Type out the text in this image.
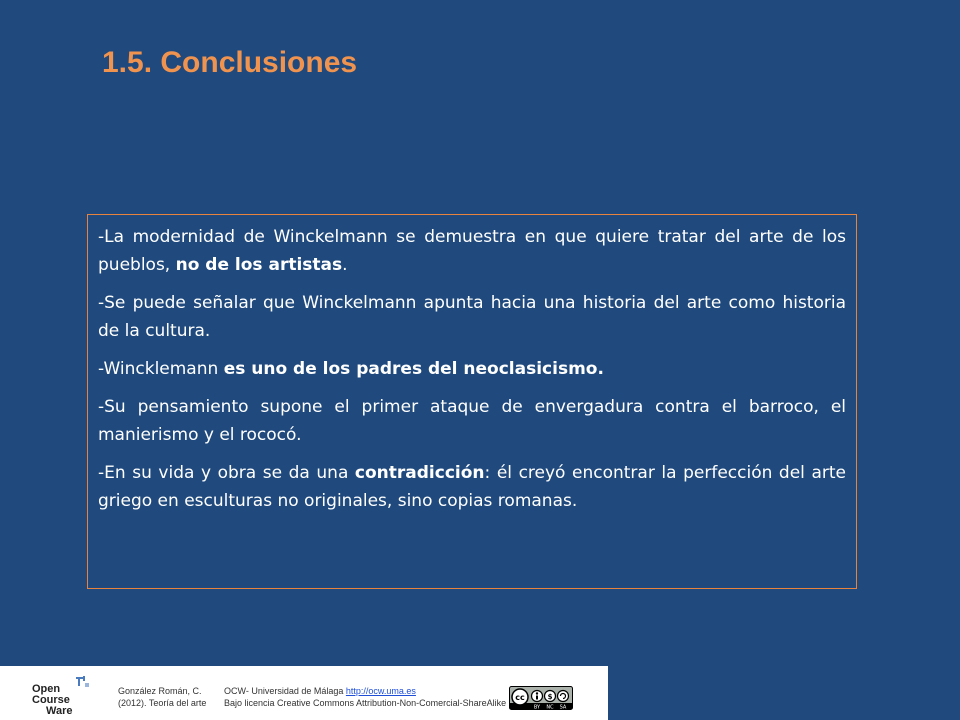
1.5. Conclusiones

-La modernidad de Winckelmann se demuestra en que quiere tratar del arte de los pueblos, no de los artistas.

-Se puede señalar que Winckelmann apunta hacia una historia del arte como historia de la cultura.

-Wincklemann es uno de los padres del neoclasicismo.

-Su pensamiento supone el primer ataque de envergadura contra el barroco, el manierismo y el rococó.

-En su vida y obra se da una contradicción: él creyó encontrar la perfección del arte griego en esculturas no originales, sino copias romanas.

Open
Course
Ware
González Román, C.
(2012). Teoría del arte
OCW- Universidad de Málaga http://ocw.uma.es
Bajo licencia Creative Commons Attribution-Non-Comercial-ShareAlike
cc	$
BY NC SA
